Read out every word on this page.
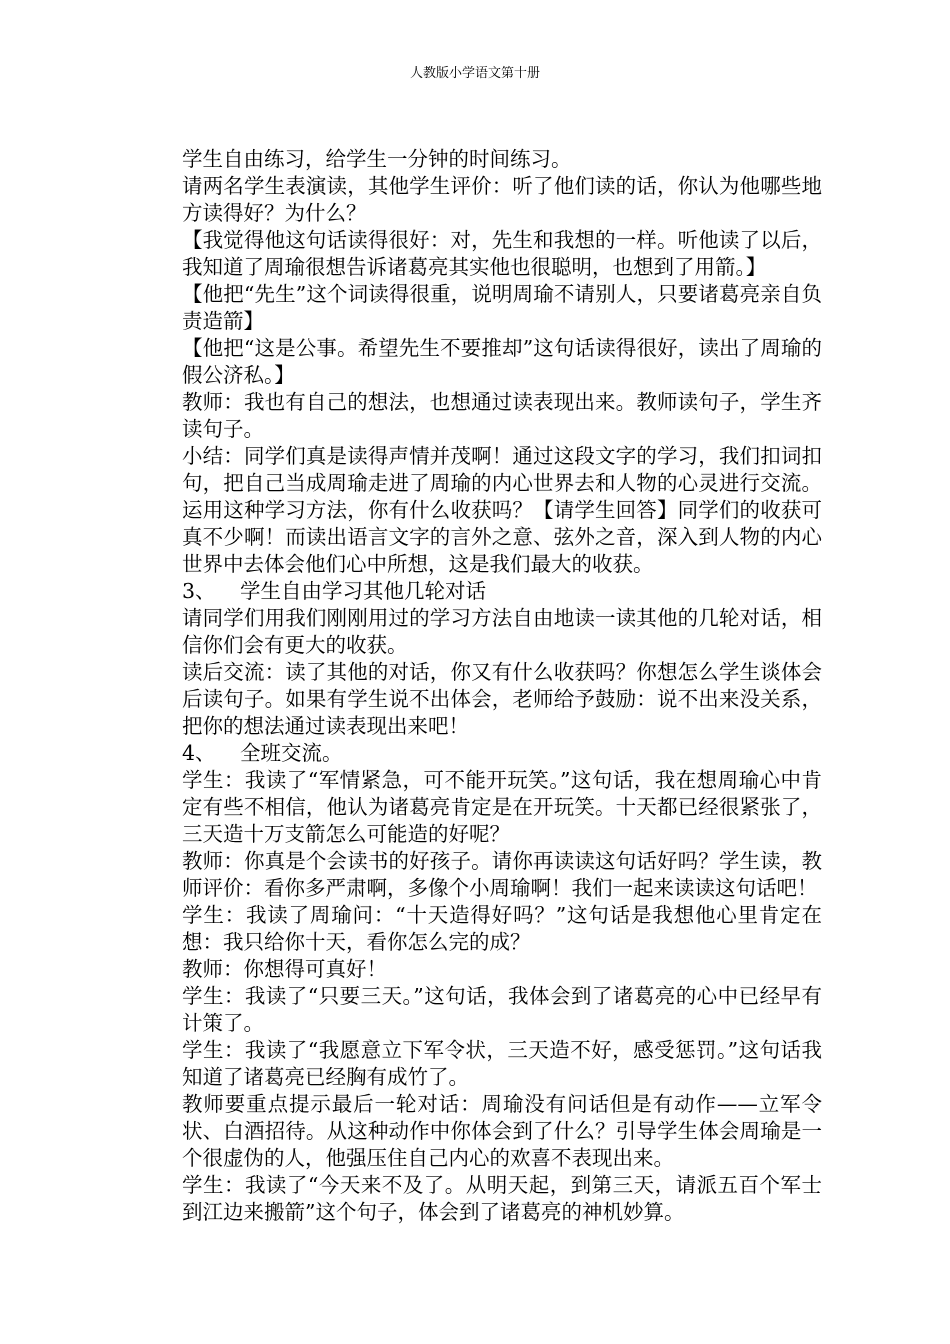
人教版小学语文第十册

学生自由练习，给学生一分钟的时间练习。

请两名学生表演读，其他学生评价：听了他们读的话，你认为他哪些地方读得好？为什么？

【我觉得他这句话读得很好：对，先生和我想的一样。听他读了以后，我知道了周瑜很想告诉诸葛亮其实他也很聪明，也想到了用箭。】

【他把“先生”这个词读得很重，说明周瑜不请别人，只要诸葛亮亲自负责造箭】

【他把“这是公事。希望先生不要推却”这句话读得很好，读出了周瑜的假公济私。】

教师：我也有自己的想法，也想通过读表现出来。教师读句子，学生齐读句子。

小结：同学们真是读得声情并茂啊！通过这段文字的学习，我们扣词扣句，把自己当成周瑜走进了周瑜的内心世界去和人物的心灵进行交流。运用这种学习方法，你有什么收获吗？【请学生回答】同学们的收获可真不少啊！而读出语言文字的言外之意、弦外之音，深入到人物的内心世界中去体会他们心中所想，这是我们最大的收获。

3、	学生自由学习其他几轮对话

请同学们用我们刚刚用过的学习方法自由地读一读其他的几轮对话，相信你们会有更大的收获。

读后交流：读了其他的对话，你又有什么收获吗？你想怎么学生谈体会后读句子。如果有学生说不出体会，老师给予鼓励：说不出来没关系，把你的想法通过读表现出来吧！

4、	全班交流。

学生：我读了“军情紧急，可不能开玩笑。”这句话，我在想周瑜心中肯定有些不相信，他认为诸葛亮肯定是在开玩笑。十天都已经很紧张了，三天造十万支箭怎么可能造的好呢？

教师：你真是个会读书的好孩子。请你再读读这句话好吗？学生读，教师评价：看你多严肃啊，多像个小周瑜啊！我们一起来读读这句话吧！

学生：我读了周瑜问：“十天造得好吗？”这句话是我想他心里肯定在想：我只给你十天，看你怎么完的成？

教师：你想得可真好！

学生：我读了“只要三天。”这句话，我体会到了诸葛亮的心中已经早有计策了。

学生：我读了“我愿意立下军令状，三天造不好，感受惩罚。”这句话我知道了诸葛亮已经胸有成竹了。

教师要重点提示最后一轮对话：周瑜没有问话但是有动作——立军令状、白酒招待。从这种动作中你体会到了什么？引导学生体会周瑜是一个很虚伪的人，他强压住自己内心的欢喜不表现出来。

学生：我读了“今天来不及了。从明天起，到第三天，请派五百个军士到江边来搬箭”这个句子，体会到了诸葛亮的神机妙算。
